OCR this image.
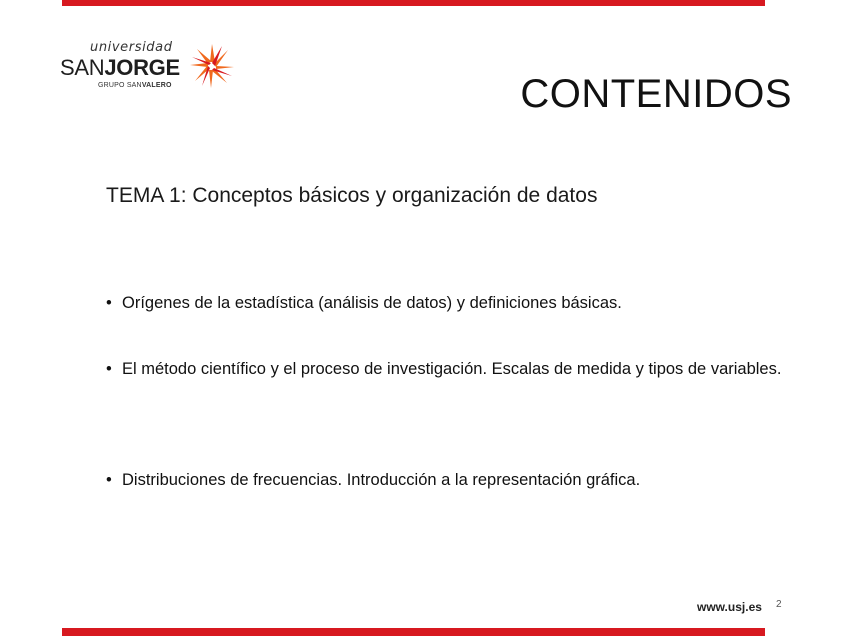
universidad
SANJORGE
GRUPO SANVALERO	CONTENIDOS
TEMA 1: Conceptos básicos y organización de datos
• Orígenes de la estadística (análisis de datos) y definiciones básicas.
• El método científico y el proceso de investigación. Escalas de medida y tipos de variables.
• Distribuciones de frecuencias. Introducción a la representación gráfica.
www.usj.es 2
